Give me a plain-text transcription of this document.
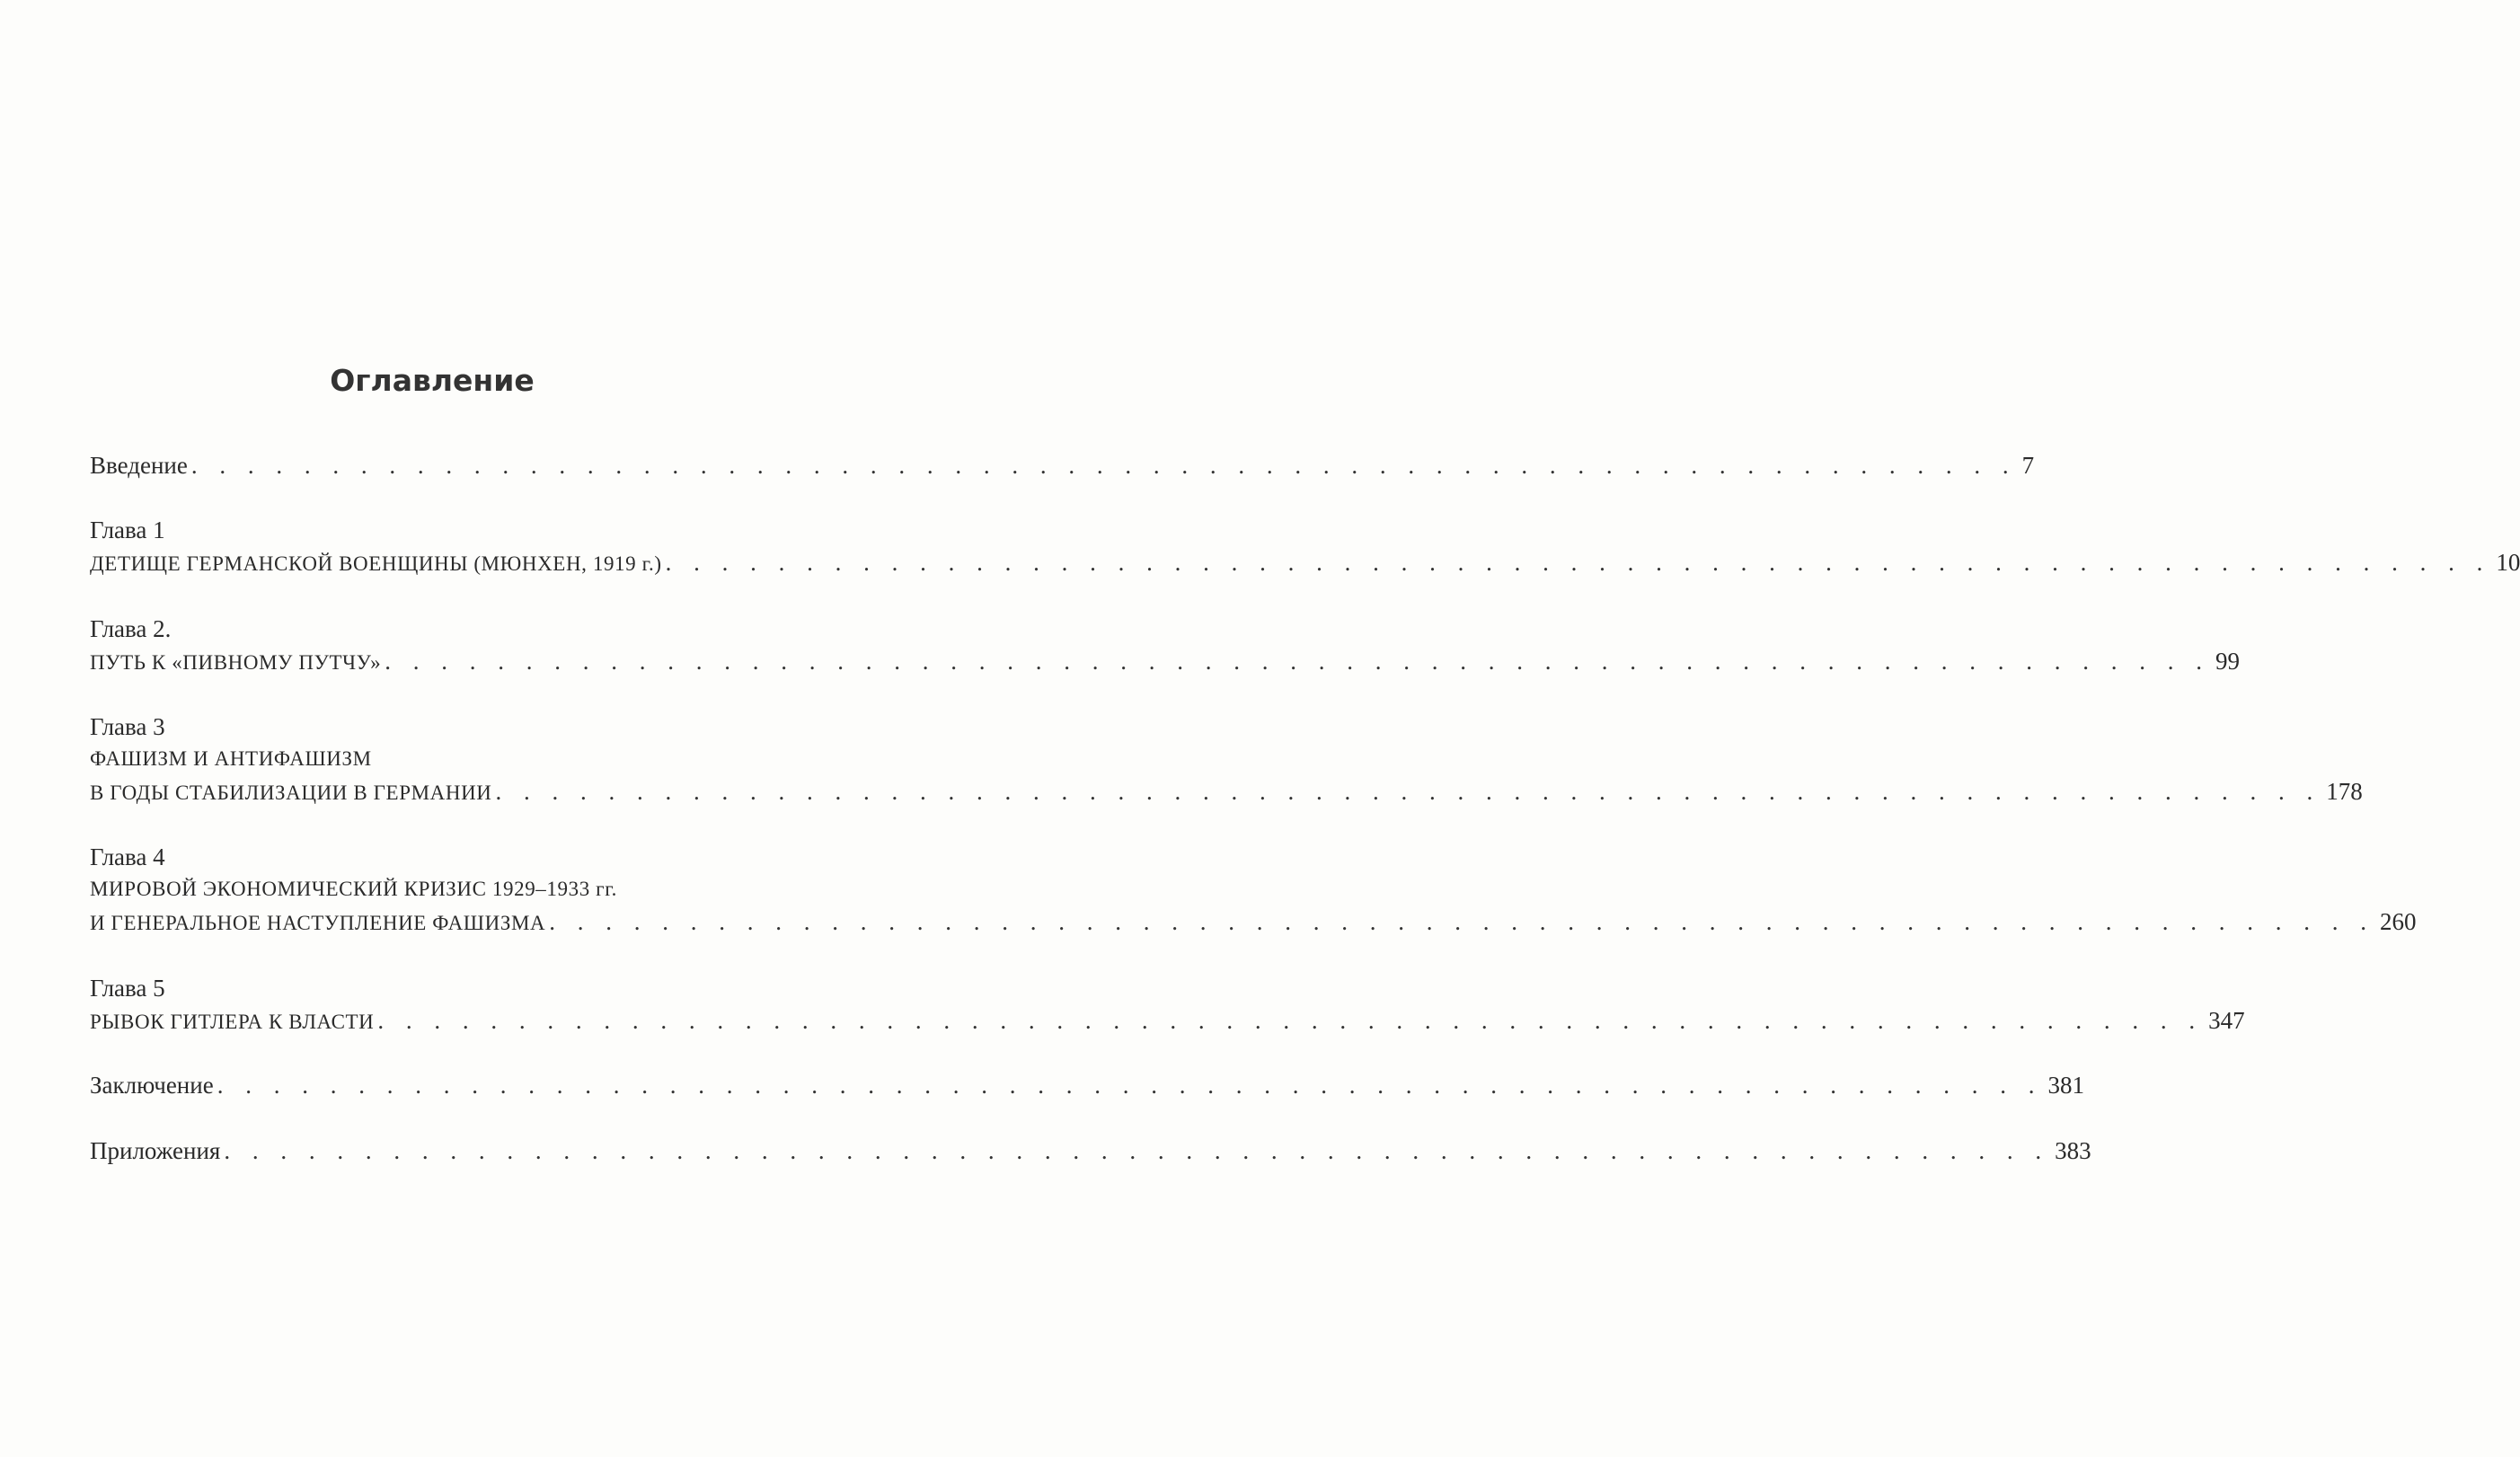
Оглавление
Введение . . . . . . . . . . . . . . . . . . . . . . . . . . . . . . . . . . . . . . . . . . . . . . . . . . . . . . . . . . . . . . . . . 7
Глава 1
ДЕТИЩЕ ГЕРМАНСКОЙ ВОЕНЩИНЫ (МЮНХЕН, 1919 г.) . . . . . . . . . . . . . . . . . . . . . . . . . . . . . . . . . . . . . . . . . . . . . . . . . . . . . . . . . . . . . . . . . 10
Глава 2.
ПУТЬ К «ПИВНОМУ ПУТЧУ» . . . . . . . . . . . . . . . . . . . . . . . . . . . . . . . . . . . . . . . . . . . . . . . . . . . . . . . . . . . . . . . . . 99
Глава 3
ФАШИЗМ И АНТИФАШИЗМ
В ГОДЫ СТАБИЛИЗАЦИИ В ГЕРМАНИИ . . . . . . . . . . . . . . . . . . . . . . . . . . . . . . . . . . . . . . . . . . . . . . . . . . . . . . . . . . . . . . . . . 178
Глава 4
МИРОВОЙ ЭКОНОМИЧЕСКИЙ КРИЗИС 1929–1933 гг.
И ГЕНЕРАЛЬНОЕ НАСТУПЛЕНИЕ ФАШИЗМА . . . . . . . . . . . . . . . . . . . . . . . . . . . . . . . . . . . . . . . . . . . . . . . . . . . . . . . . . . . . . . . . . 260
Глава 5
РЫВОК ГИТЛЕРА К ВЛАСТИ . . . . . . . . . . . . . . . . . . . . . . . . . . . . . . . . . . . . . . . . . . . . . . . . . . . . . . . . . . . . . . . . . 347
Заключение . . . . . . . . . . . . . . . . . . . . . . . . . . . . . . . . . . . . . . . . . . . . . . . . . . . . . . . . . . . . . . . . . 381
Приложения . . . . . . . . . . . . . . . . . . . . . . . . . . . . . . . . . . . . . . . . . . . . . . . . . . . . . . . . . . . . . . . . . 383
